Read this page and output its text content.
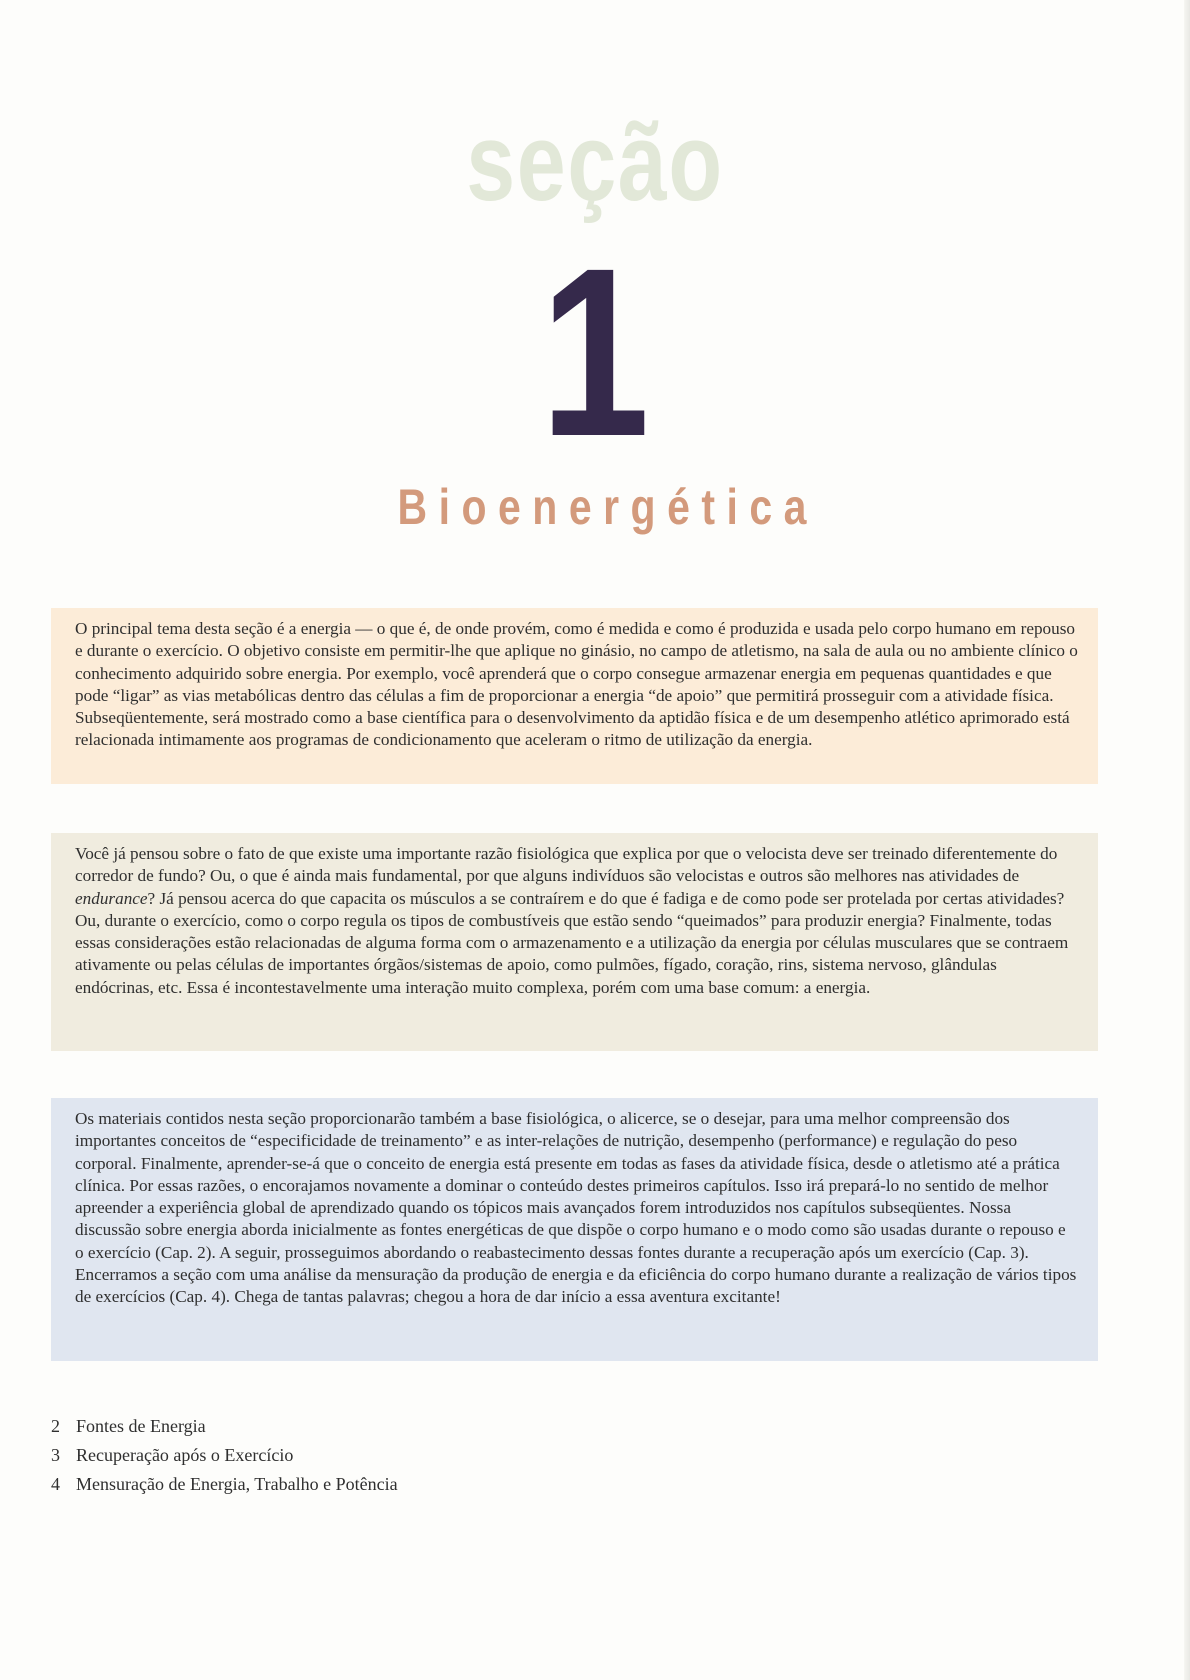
seção
1
Bioenergética

O principal tema desta seção é a energia — o que é, de onde provém, como é medida e como é produzida e usada pelo corpo humano em repouso e durante o exercício. O objetivo consiste em permitir-lhe que aplique no ginásio, no campo de atletismo, na sala de aula ou no ambiente clínico o conhecimento adquirido sobre energia. Por exemplo, você aprenderá que o corpo consegue armazenar energia em pequenas quantidades e que pode “ligar” as vias metabólicas dentro das células a fim de proporcionar a energia “de apoio” que permitirá prosseguir com a atividade física. Subseqüentemente, será mostrado como a base científica para o desenvolvimento da aptidão física e de um desempenho atlético aprimorado está relacionada intimamente aos programas de condicionamento que aceleram o ritmo de utilização da energia.

Você já pensou sobre o fato de que existe uma importante razão fisiológica que explica por que o velocista deve ser treinado diferentemente do corredor de fundo? Ou, o que é ainda mais fundamental, por que alguns indivíduos são velocistas e outros são melhores nas atividades de endurance? Já pensou acerca do que capacita os músculos a se contraírem e do que é fadiga e de como pode ser protelada por certas atividades? Ou, durante o exercício, como o corpo regula os tipos de combustíveis que estão sendo “queimados” para produzir energia? Finalmente, todas essas considerações estão relacionadas de alguma forma com o armazenamento e a utilização da energia por células musculares que se contraem ativamente ou pelas células de importantes órgãos/sistemas de apoio, como pulmões, fígado, coração, rins, sistema nervoso, glândulas endócrinas, etc. Essa é incontestavelmente uma interação muito complexa, porém com uma base comum: a energia.

Os materiais contidos nesta seção proporcionarão também a base fisiológica, o alicerce, se o desejar, para uma melhor compreensão dos importantes conceitos de “especificidade de treinamento” e as inter-relações de nutrição, desempenho (performance) e regulação do peso corporal. Finalmente, aprender-se-á que o conceito de energia está presente em todas as fases da atividade física, desde o atletismo até a prática clínica. Por essas razões, o encorajamos novamente a dominar o conteúdo destes primeiros capítulos. Isso irá prepará-lo no sentido de melhor apreender a experiência global de aprendizado quando os tópicos mais avançados forem introduzidos nos capítulos subseqüentes. Nossa discussão sobre energia aborda inicialmente as fontes energéticas de que dispõe o corpo humano e o modo como são usadas durante o repouso e o exercício (Cap. 2). A seguir, prosseguimos abordando o reabastecimento dessas fontes durante a recuperação após um exercício (Cap. 3). Encerramos a seção com uma análise da mensuração da produção de energia e da eficiência do corpo humano durante a realização de vários tipos de exercícios (Cap. 4). Chega de tantas palavras; chegou a hora de dar início a essa aventura excitante!

2 Fontes de Energia
3 Recuperação após o Exercício
4 Mensuração de Energia, Trabalho e Potência
